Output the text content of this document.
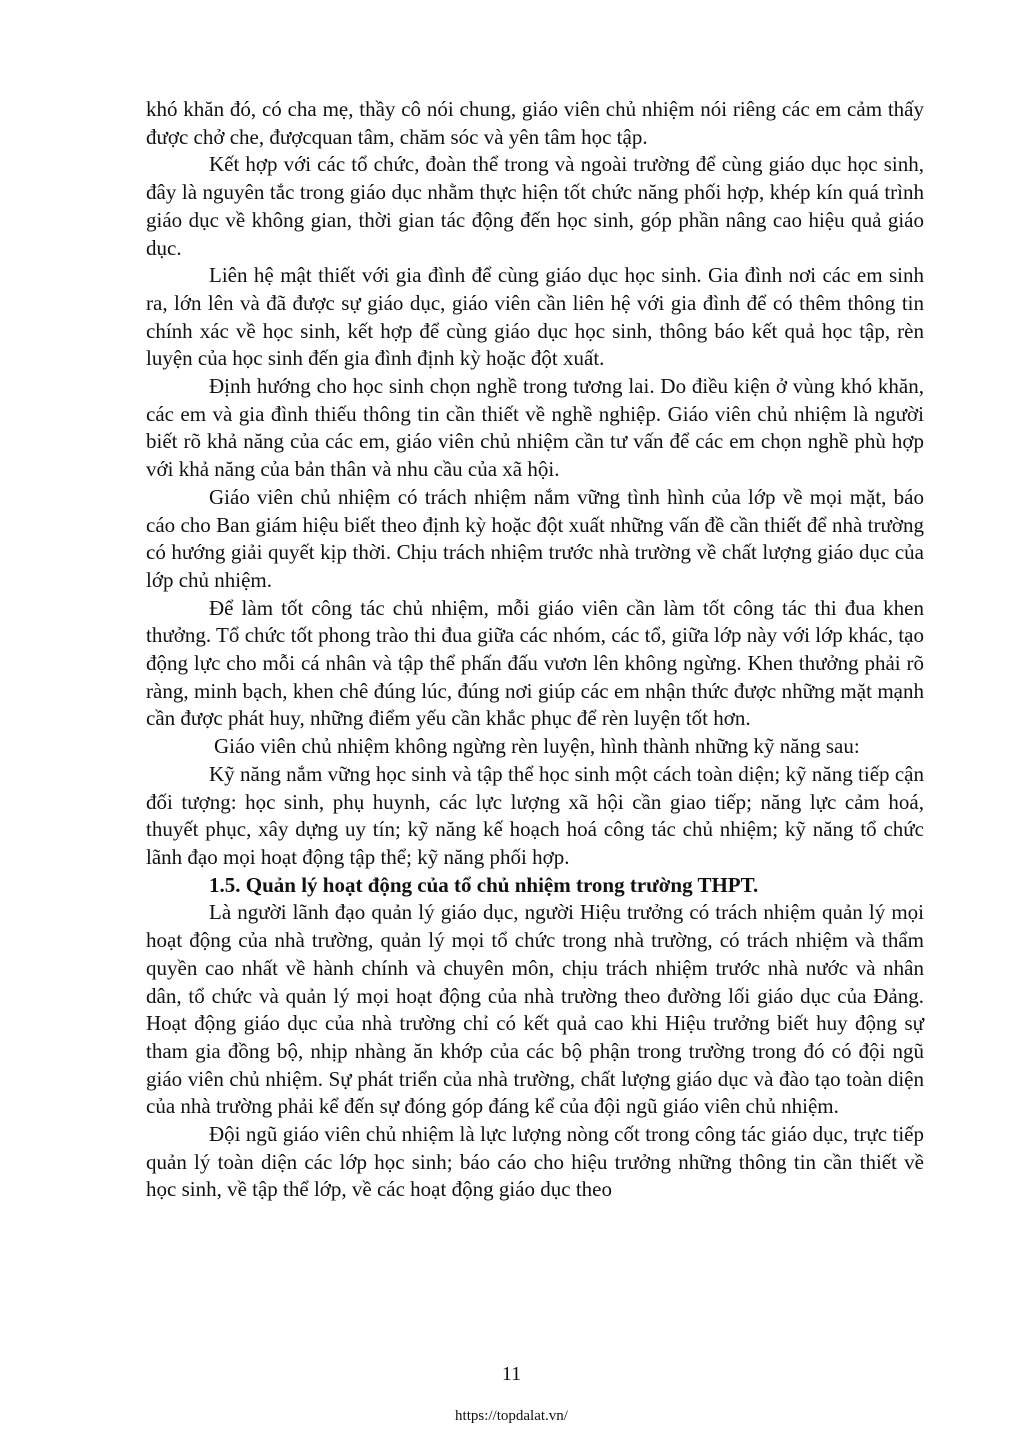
khó khăn đó, có cha mẹ, thầy cô nói chung, giáo viên chủ nhiệm nói riêng các em cảm thấy được chở che, đượcquan tâm, chăm sóc và yên tâm học tập.

Kết hợp với các tổ chức, đoàn thể trong và ngoài trường để cùng giáo dục học sinh, đây là nguyên tắc trong giáo dục nhằm thực hiện tốt chức năng phối hợp, khép kín quá trình giáo dục về không gian, thời gian tác động đến học sinh, góp phần nâng cao hiệu quả giáo dục.

Liên hệ mật thiết với gia đình để cùng giáo dục học sinh. Gia đình nơi các em sinh ra, lớn lên và đã được sự giáo dục, giáo viên cần liên hệ với gia đình để có thêm thông tin chính xác về học sinh, kết hợp để cùng giáo dục học sinh, thông báo kết quả học tập, rèn luyện của học sinh đến gia đình định kỳ hoặc đột xuất.

Định hướng cho học sinh chọn nghề trong tương lai. Do điều kiện ở vùng khó khăn, các em và gia đình thiếu thông tin cần thiết về nghề nghiệp. Giáo viên chủ nhiệm là người biết rõ khả năng của các em, giáo viên chủ nhiệm cần tư vấn để các em chọn nghề phù hợp với khả năng của bản thân và nhu cầu của xã hội.

Giáo viên chủ nhiệm có trách nhiệm nắm vững tình hình của lớp về mọi mặt, báo cáo cho Ban giám hiệu biết theo định kỳ hoặc đột xuất những vấn đề cần thiết để nhà trường có hướng giải quyết kịp thời. Chịu trách nhiệm trước nhà trường về chất lượng giáo dục của lớp chủ nhiệm.

Để làm tốt công tác chủ nhiệm, mỗi giáo viên cần làm tốt công tác thi đua khen thưởng. Tổ chức tốt phong trào thi đua giữa các nhóm, các tổ, giữa lớp này với lớp khác, tạo động lực cho mỗi cá nhân và tập thể phấn đấu vươn lên không ngừng. Khen thưởng phải rõ ràng, minh bạch, khen chê đúng lúc, đúng nơi giúp các em nhận thức được những mặt mạnh cần được phát huy, những điểm yếu cần khắc phục để rèn luyện tốt hơn.

Giáo viên chủ nhiệm không ngừng rèn luyện, hình thành những kỹ năng sau:

Kỹ năng nắm vững học sinh và tập thể học sinh một cách toàn diện; kỹ năng tiếp cận đối tượng: học sinh, phụ huynh, các lực lượng xã hội cần giao tiếp; năng lực cảm hoá, thuyết phục, xây dựng uy tín; kỹ năng kế hoạch hoá công tác chủ nhiệm; kỹ năng tổ chức lãnh đạo mọi hoạt động tập thể; kỹ năng phối hợp.

1.5. Quản lý hoạt động của tổ chủ nhiệm trong trường THPT.

Là người lãnh đạo quản lý giáo dục, người Hiệu trưởng có trách nhiệm quản lý mọi hoạt động của nhà trường, quản lý mọi tổ chức trong nhà trường, có trách nhiệm và thẩm quyền cao nhất về hành chính và chuyên môn, chịu trách nhiệm trước nhà nước và nhân dân, tổ chức và quản lý mọi hoạt động của nhà trường theo đường lối giáo dục của Đảng. Hoạt động giáo dục của nhà trường chỉ có kết quả cao khi Hiệu trưởng biết huy động sự tham gia đồng bộ, nhịp nhàng ăn khớp của các bộ phận trong trường trong đó có đội ngũ giáo viên chủ nhiệm. Sự phát triển của nhà trường, chất lượng giáo dục và đào tạo toàn diện của nhà trường phải kể đến sự đóng góp đáng kể của đội ngũ giáo viên chủ nhiệm.

Đội ngũ giáo viên chủ nhiệm là lực lượng nòng cốt trong công tác giáo dục, trực tiếp quản lý toàn diện các lớp học sinh; báo cáo cho hiệu trưởng những thông tin cần thiết về học sinh, về tập thể lớp, về các hoạt động giáo dục theo

11
https://topdalat.vn/
